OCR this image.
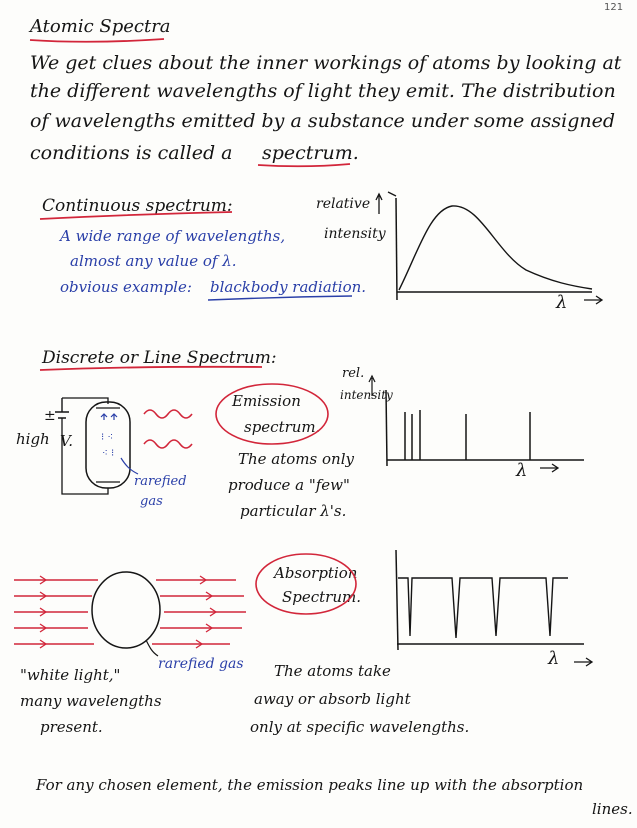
121
Atomic Spectra
We get clues about the inner workings of atoms by looking at
the different wavelengths of light they emit. The distribution
of wavelengths emitted by a substance under some assigned
conditions is called a spectrum.
Continuous spectrum:
A wide range of wavelengths,
almost any value of λ.
obvious example: blackbody radiation.
relative
intensity
λ
Discrete or Line Spectrum:
±
high V.
Emission
spectrum.
The atoms only
produce a "few"
particular λ's.
rarefied
gas
rel.
intensity
λ
Absorption
Spectrum.
λ
"white light,"
many wavelengths
present.
rarefied gas The atoms take
away or absorb light
only at specific wavelengths.
For any chosen element, the emission peaks line up with the absorption
lines.
⁝ ⁖
⁖ ⁝
